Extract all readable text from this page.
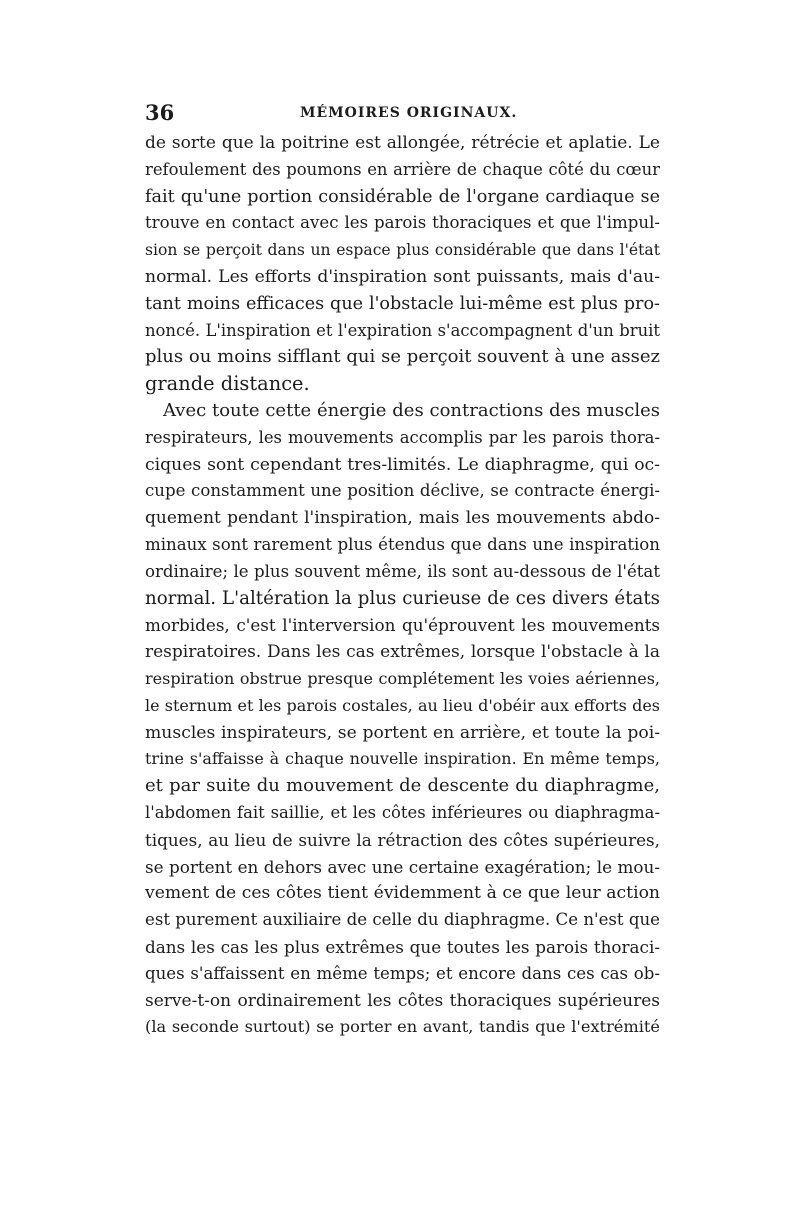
36	MÉMOIRES ORIGINAUX.
de sorte que la poitrine est allongée, rétrécie et aplatie. Le
refoulement des poumons en arrière de chaque côté du cœur
fait qu'une portion considérable de l'organe cardiaque se
trouve en contact avec les parois thoraciques et que l'impul-
sion se perçoit dans un espace plus considérable que dans l'état
normal. Les efforts d'inspiration sont puissants, mais d'au-
tant moins efficaces que l'obstacle lui-même est plus pro-
noncé. L'inspiration et l'expiration s'accompagnent d'un bruit
plus ou moins sifflant qui se perçoit souvent à une assez
grande distance.
Avec toute cette énergie des contractions des muscles
respirateurs, les mouvements accomplis par les parois thora-
ciques sont cependant tres-limités. Le diaphragme, qui oc-
cupe constamment une position déclive, se contracte énergi-
quement pendant l'inspiration, mais les mouvements abdo-
minaux sont rarement plus étendus que dans une inspiration
ordinaire; le plus souvent même, ils sont au-dessous de l'état
normal. L'altération la plus curieuse de ces divers états
morbides, c'est l'interversion qu'éprouvent les mouvements
respiratoires. Dans les cas extrêmes, lorsque l'obstacle à la
respiration obstrue presque complétement les voies aériennes,
le sternum et les parois costales, au lieu d'obéir aux efforts des
muscles inspirateurs, se portent en arrière, et toute la poi-
trine s'affaisse à chaque nouvelle inspiration. En même temps,
et par suite du mouvement de descente du diaphragme,
l'abdomen fait saillie, et les côtes inférieures ou diaphragma-
tiques, au lieu de suivre la rétraction des côtes supérieures,
se portent en dehors avec une certaine exagération; le mou-
vement de ces côtes tient évidemment à ce que leur action
est purement auxiliaire de celle du diaphragme. Ce n'est que
dans les cas les plus extrêmes que toutes les parois thoraci-
ques s'affaissent en même temps; et encore dans ces cas ob-
serve-t-on ordinairement les côtes thoraciques supérieures
(la seconde surtout) se porter en avant, tandis que l'extrémité
